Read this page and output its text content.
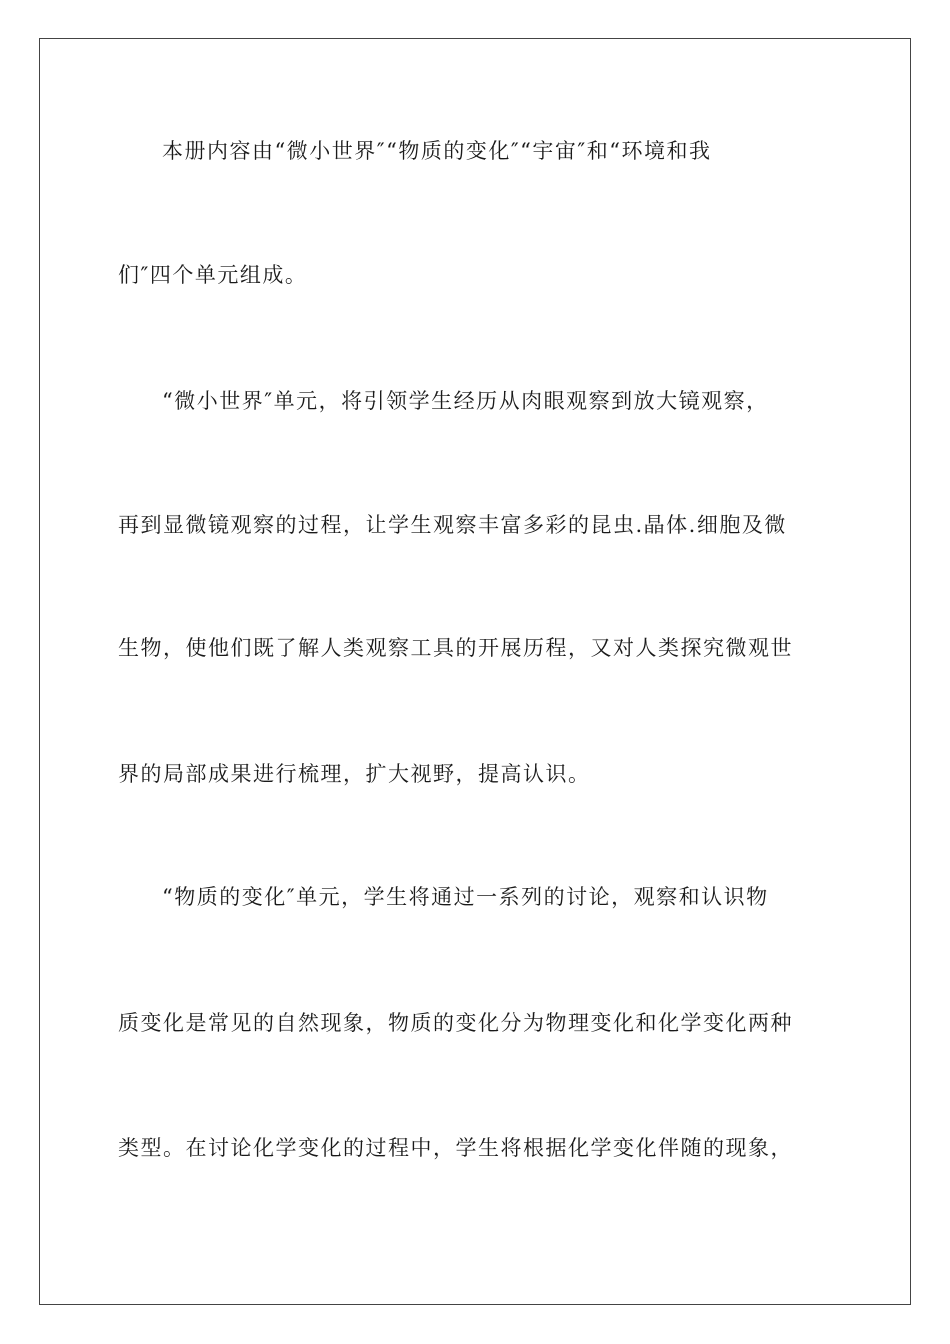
本册内容由“微小世界″“物质的变化″“宇宙″和“环境和我
们″四个单元组成。
“微小世界″单元，将引领学生经历从肉眼观察到放大镜观察，
再到显微镜观察的过程，让学生观察丰富多彩的昆虫.晶体.细胞及微
生物，使他们既了解人类观察工具的开展历程，又对人类探究微观世
界的局部成果进行梳理，扩大视野，提高认识。
“物质的变化″单元，学生将通过一系列的讨论，观察和认识物
质变化是常见的自然现象，物质的变化分为物理变化和化学变化两种
类型。在讨论化学变化的过程中，学生将根据化学变化伴随的现象，
